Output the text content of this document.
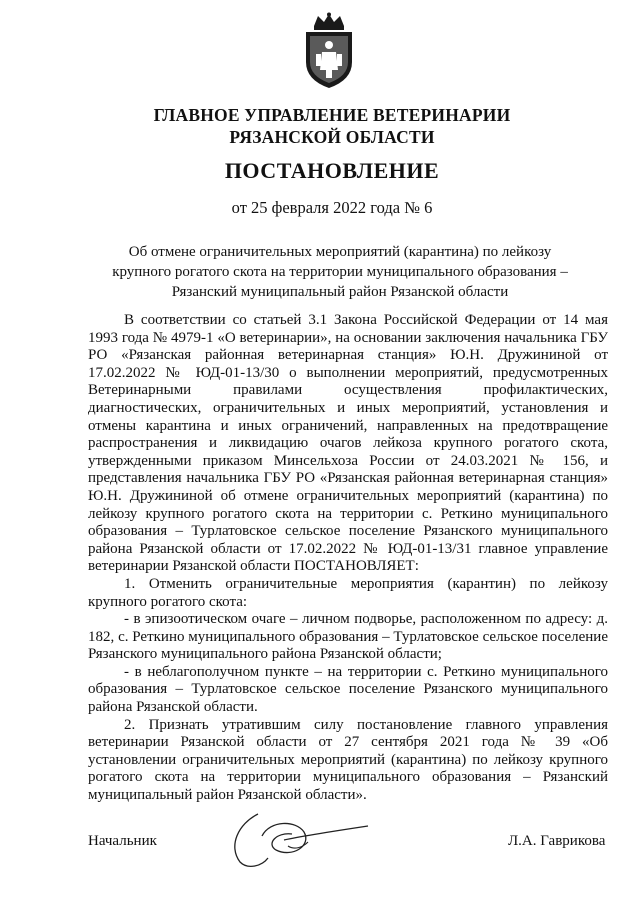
ГЛАВНОЕ УПРАВЛЕНИЕ ВЕТЕРИНАРИИ
РЯЗАНСКОЙ ОБЛАСТИ
ПОСТАНОВЛЕНИЕ
от 25 февраля 2022 года № 6
Об отмене ограничительных мероприятий (карантина) по лейкозу крупного рогатого скота на территории муниципального образования – Рязанский муниципальный район Рязанской области

В соответствии со статьей 3.1 Закона Российской Федерации от 14 мая 1993 года № 4979-1 «О ветеринарии», на основании заключения начальника ГБУ РО «Рязанская районная ветеринарная станция» Ю.Н. Дружининой от 17.02.2022 № ЮД-01-13/30 о выполнении мероприятий, предусмотренных Ветеринарными правилами осуществления профилактических, диагностических, ограничительных и иных мероприятий, установления и отмены карантина и иных ограничений, направленных на предотвращение распространения и ликвидацию очагов лейкоза крупного рогатого скота, утвержденными приказом Минсельхоза России от 24.03.2021 № 156, и представления начальника ГБУ РО «Рязанская районная ветеринарная станция» Ю.Н. Дружининой об отмене ограничительных мероприятий (карантина) по лейкозу крупного рогатого скота на территории с. Реткино муниципального образования – Турлатовское сельское поселение Рязанского муниципального района Рязанской области от 17.02.2022 № ЮД-01-13/31 главное управление ветеринарии Рязанской области ПОСТАНОВЛЯЕТ:

1. Отменить ограничительные мероприятия (карантин) по лейкозу крупного рогатого скота:

- в эпизоотическом очаге – личном подворье, расположенном по адресу: д. 182, с. Реткино муниципального образования – Турлатовское сельское поселение Рязанского муниципального района Рязанской области;

- в неблагополучном пункте – на территории с. Реткино муниципального образования – Турлатовское сельское поселение Рязанского муниципального района Рязанской области.

2. Признать утратившим силу постановление главного управления ветеринарии Рязанской области от 27 сентября 2021 года № 39 «Об установлении ограничительных мероприятий (карантина) по лейкозу крупного рогатого скота на территории муниципального образования – Рязанский муниципальный район Рязанской области».

Начальник	Л.А. Гаврикова
